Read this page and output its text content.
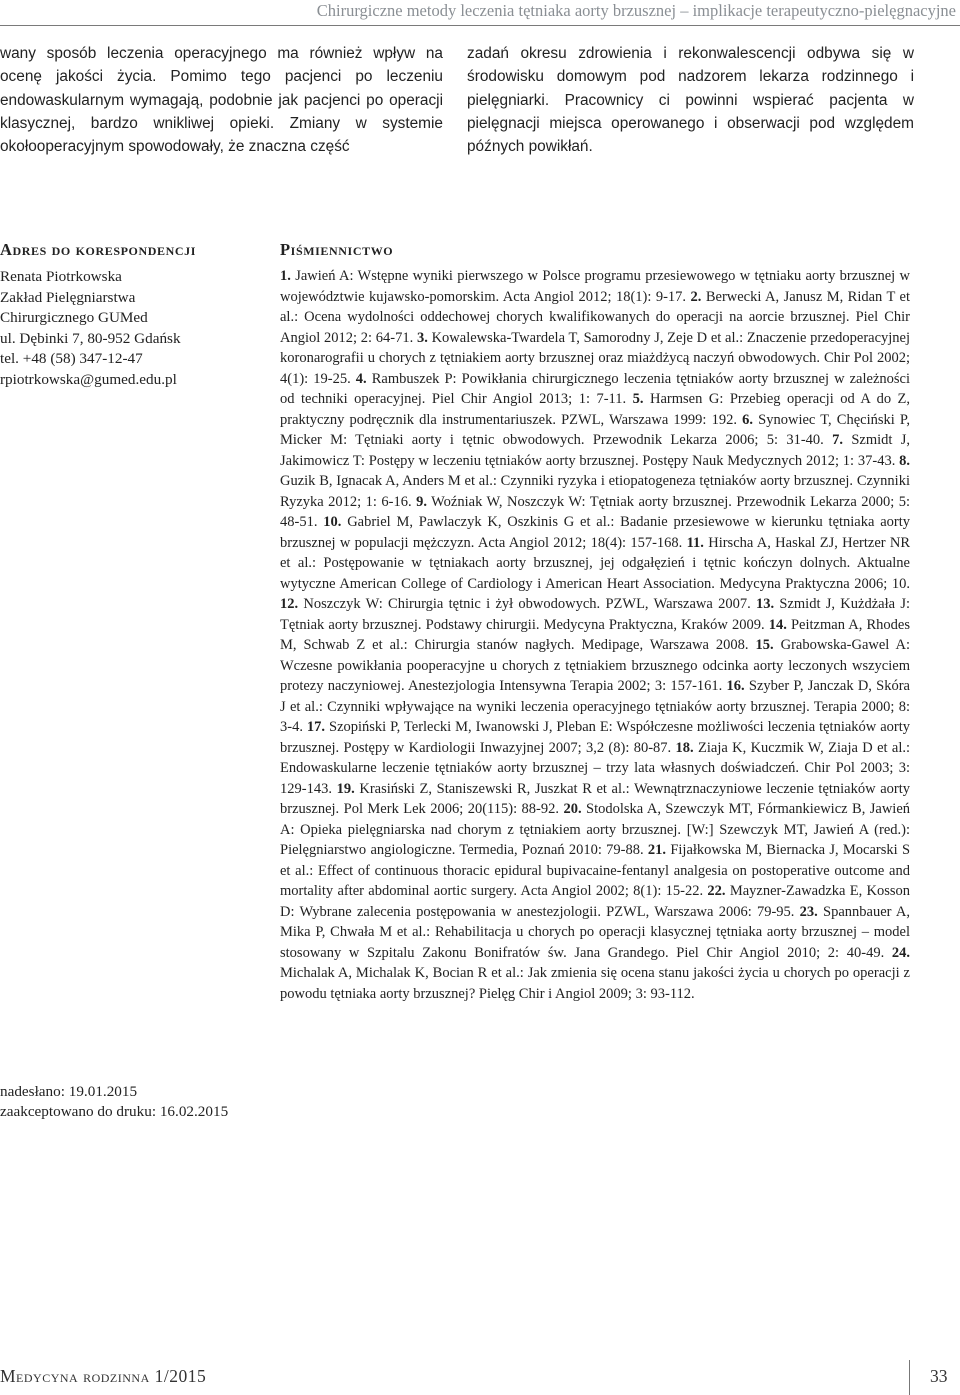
Chirurgiczne metody leczenia tętniaka aorty brzusznej – implikacje terapeutyczno-pielęgnacyjne
wany sposób leczenia operacyjnego ma również wpływ na ocenę jakości życia. Pomimo tego pacjenci po leczeniu endowaskularnym wymagają, podobnie jak pacjenci po operacji klasycznej, bardzo wnikliwej opieki. Zmiany w systemie okołooperacyjnym spowodowały, że znaczna część
zadań okresu zdrowienia i rekonwalescencji odbywa się w środowisku domowym pod nadzorem lekarza rodzinnego i pielęgniarki. Pracownicy ci powinni wspierać pacjenta w pielęgnacji miejsca operowanego i obserwacji pod względem późnych powikłań.
Adres do korespondencji
Renata Piotrkowska
Zakład Pielęgniarstwa
Chirurgicznego GUMed
ul. Dębinki 7, 80-952 Gdańsk
tel. +48 (58) 347-12-47
rpiotrkowska@gumed.edu.pl
nadesłano: 19.01.2015
zaakceptowano do druku: 16.02.2015
Piśmiennictwo
1. Jawień A: Wstępne wyniki pierwszego w Polsce programu przesiewowego w tętniaku aorty brzusznej w województwie kujawsko-pomorskim. Acta Angiol 2012; 18(1): 9-17. 2. Berwecki A, Janusz M, Ridan T et al.: Ocena wydolności oddechowej chorych kwalifikowanych do operacji na aorcie brzusznej. Piel Chir Angiol 2012; 2: 64-71. 3. Kowalewska-Twardela T, Samorodny J, Zeje D et al.: Znaczenie przedoperacyjnej koronarografii u chorych z tętniakiem aorty brzusznej oraz miażdżycą naczyń obwodowych. Chir Pol 2002; 4(1): 19-25. 4. Rambuszek P: Powikłania chirurgicznego leczenia tętniaków aorty brzusznej w zależności od techniki operacyjnej. Piel Chir Angiol 2013; 1: 7-11. 5. Harmsen G: Przebieg operacji od A do Z, praktyczny podręcznik dla instrumentariuszek. PZWL, Warszawa 1999: 192. 6. Synowiec T, Chęciński P, Micker M: Tętniaki aorty i tętnic obwodowych. Przewodnik Lekarza 2006; 5: 31-40. 7. Szmidt J, Jakimowicz T: Postępy w leczeniu tętniaków aorty brzusznej. Postępy Nauk Medycznych 2012; 1: 37-43. 8. Guzik B, Ignacak A, Anders M et al.: Czynniki ryzyka i etiopatogeneza tętniaków aorty brzusznej. Czynniki Ryzyka 2012; 1: 6-16. 9. Woźniak W, Noszczyk W: Tętniak aorty brzusznej. Przewodnik Lekarza 2000; 5: 48-51. 10. Gabriel M, Pawlaczyk K, Oszkinis G et al.: Badanie przesiewowe w kierunku tętniaka aorty brzusznej w populacji mężczyzn. Acta Angiol 2012; 18(4): 157-168. 11. Hirscha A, Haskal ZJ, Hertzer NR et al.: Postępowanie w tętniakach aorty brzusznej, jej odgałęzień i tętnic kończyn dolnych. Aktualne wytyczne American College of Cardiology i American Heart Association. Medycyna Praktyczna 2006; 10. 12. Noszczyk W: Chirurgia tętnic i żył obwodowych. PZWL, Warszawa 2007. 13. Szmidt J, Kużdżała J: Tętniak aorty brzusznej. Podstawy chirurgii. Medycyna Praktyczna, Kraków 2009. 14. Peitzman A, Rhodes M, Schwab Z et al.: Chirurgia stanów nagłych. Medipage, Warszawa 2008. 15. Grabowska-Gawel A: Wczesne powikłania pooperacyjne u chorych z tętniakiem brzusznego odcinka aorty leczonych wszyciem protezy naczyniowej. Anestezjologia Intensywna Terapia 2002; 3: 157-161. 16. Szyber P, Janczak D, Skóra J et al.: Czynniki wpływające na wyniki leczenia operacyjnego tętniaków aorty brzusznej. Terapia 2000; 8: 3-4. 17. Szopiński P, Terlecki M, Iwanowski J, Pleban E: Współczesne możliwości leczenia tętniaków aorty brzusznej. Postępy w Kardiologii Inwazyjnej 2007; 3,2 (8): 80-87. 18. Ziaja K, Kuczmik W, Ziaja D et al.: Endowaskularne leczenie tętniaków aorty brzusznej – trzy lata własnych doświadczeń. Chir Pol 2003; 3: 129-143. 19. Krasiński Z, Staniszewski R, Juszkat R et al.: Wewnątrznaczyniowe leczenie tętniaków aorty brzusznej. Pol Merk Lek 2006; 20(115): 88-92. 20. Stodolska A, Szewczyk MT, Fórmankiewicz B, Jawień A: Opieka pielęgniarska nad chorym z tętniakiem aorty brzusznej. [W:] Szewczyk MT, Jawień A (red.): Pielęgniarstwo angiologiczne. Termedia, Poznań 2010: 79-88. 21. Fijałkowska M, Biernacka J, Mocarski S et al.: Effect of continuous thoracic epidural bupivacaine-fentanyl analgesia on postoperative outcome and mortality after abdominal aortic surgery. Acta Angiol 2002; 8(1): 15-22. 22. Mayzner-Zawadzka E, Kosson D: Wybrane zalecenia postępowania w anestezjologii. PZWL, Warszawa 2006: 79-95. 23. Spannbauer A, Mika P, Chwała M et al.: Rehabilitacja u chorych po operacji klasycznej tętniaka aorty brzusznej – model stosowany w Szpitalu Zakonu Bonifratów św. Jana Grandego. Piel Chir Angiol 2010; 2: 40-49. 24. Michalak A, Michalak K, Bocian R et al.: Jak zmienia się ocena stanu jakości życia u chorych po operacji z powodu tętniaka aorty brzusznej? Pielęg Chir i Angiol 2009; 3: 93-112.
Medycyna rodzinna 1/2015	33
